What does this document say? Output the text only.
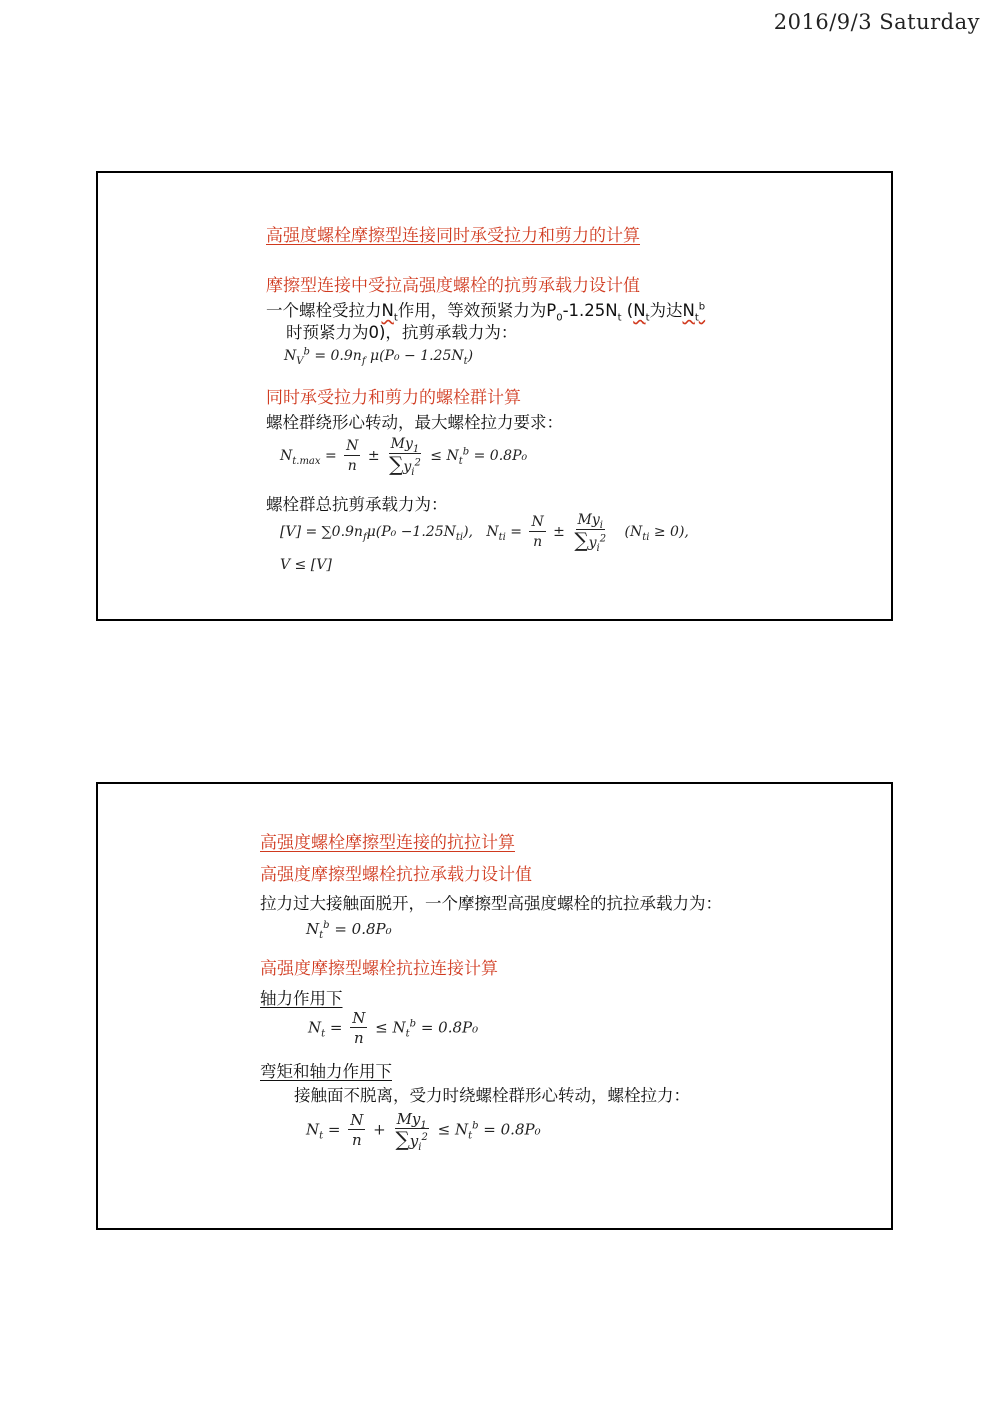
2016/9/3 Saturday
高强度螺栓摩擦型连接同时承受拉力和剪力的计算
摩擦型连接中受拉高强度螺栓的抗剪承载力设计值
一个螺栓受拉力$N_t$作用，等效预紧力为$P_0-1.25N_t$ ($N_t$为达$N_t^b$
时预紧力为0)，抗剪承载力为：
$N_V^b = 0.9n_f$ $\mu(P_0 - 1.25N_t)$
同时承受拉力和剪力的螺栓群计算
螺栓群绕形心转动，最大螺栓拉力要求：
$N_{t.max} = \frac{N}{n} \pm \frac{My_1}{\sum y_i^2} \le N_t^b = 0.8P_0$
螺栓群总抗剪承载力为：
$[V] = \sum 0.9n_f\mu(P_0 -1.25N_{ti})$,   $N_{ti} = \frac{N}{n} \pm \frac{My_i}{\sum y_i^2} (N_{ti} \ge 0)$,
V ≤ [V]
高强度螺栓摩擦型连接的抗拉计算
高强度摩擦型螺栓抗拉承载力设计值
拉力过大接触面脱开，一个摩擦型高强度螺栓的抗拉承载力为：
$N_t^b = 0.8P_0$
高强度摩擦型螺栓抗拉连接计算
轴力作用下
$N_t = \frac{N}{n} \le N_t^b = 0.8P_0$
弯矩和轴力作用下
接触面不脱离，受力时绕螺栓群形心转动，螺栓拉力：
$N_t = \frac{N}{n} + \frac{My_1}{\sum y_i^2} \le N_t^b = 0.8P_0$
